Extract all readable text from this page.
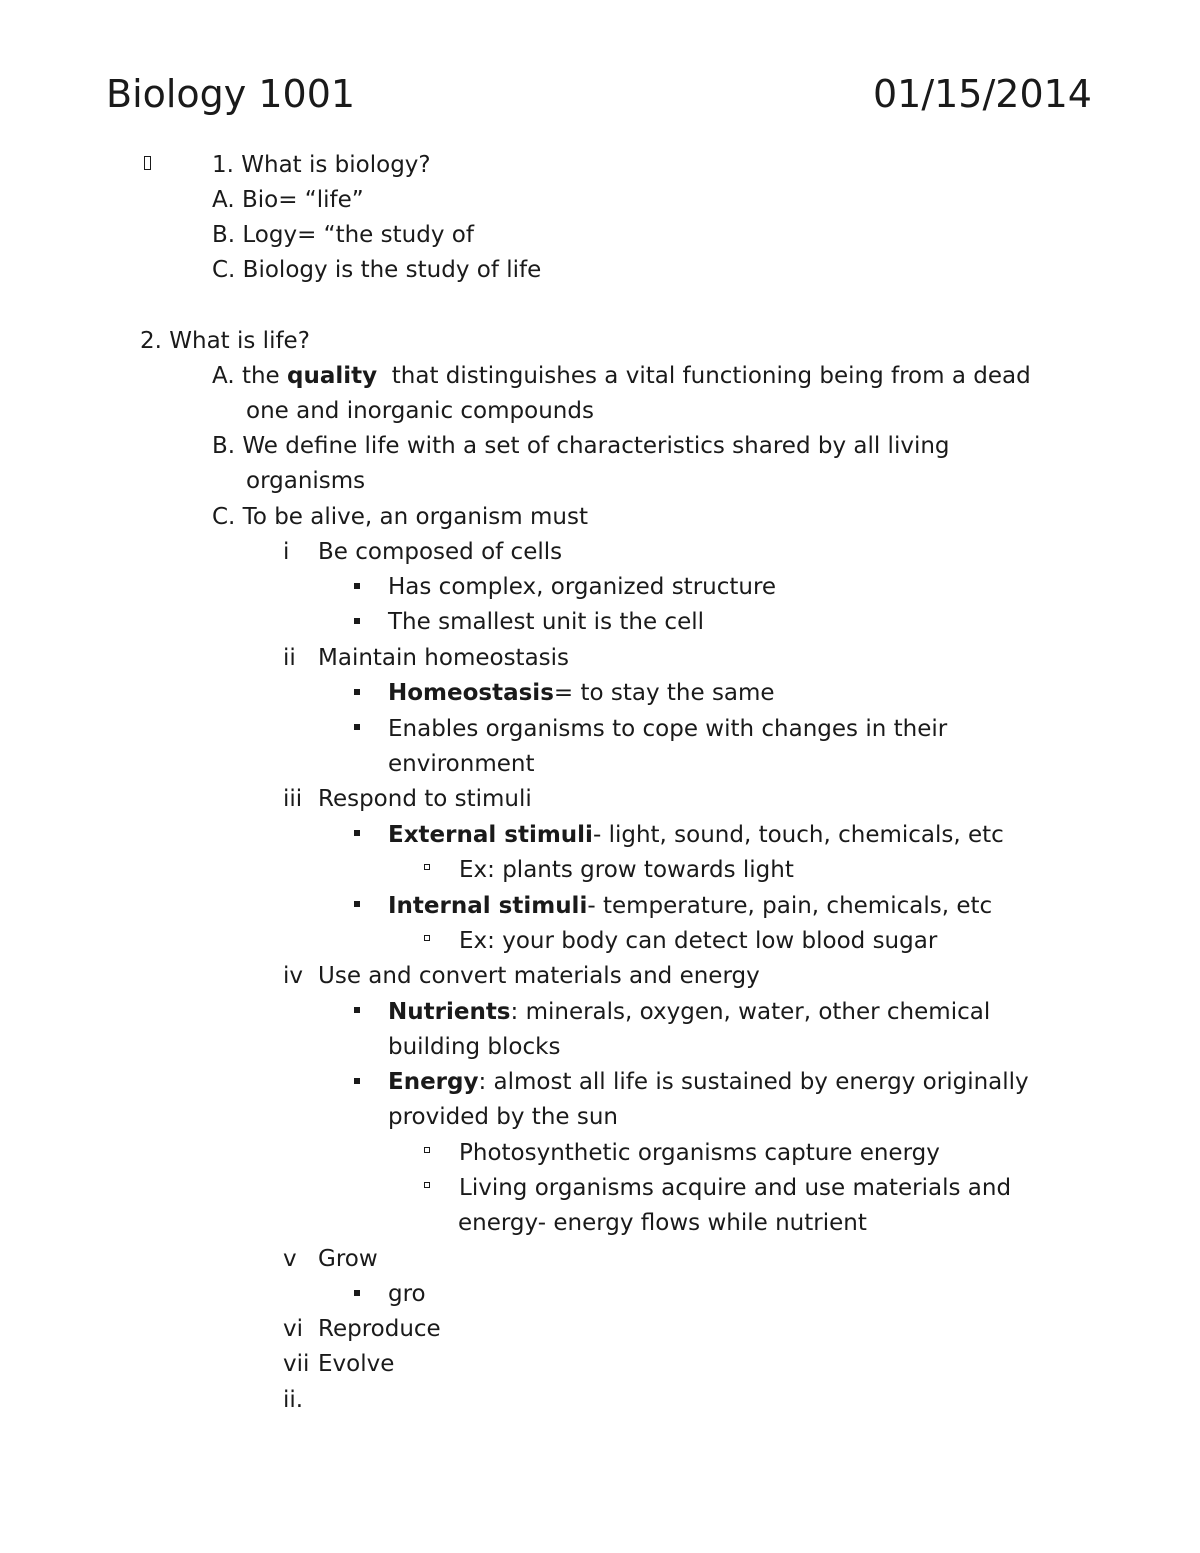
Biology 1001	01/15/2014
1. What is biology?
A. Bio= “life”
B. Logy= “the study of
C. Biology is the study of life
2. What is life?
A. the quality  that distinguishes a vital functioning being from a dead
one and inorganic compounds
B. We define life with a set of characteristics shared by all living
organisms
C. To be alive, an organism must
i Be composed of cells
Has complex, organized structure
The smallest unit is the cell
ii Maintain homeostasis
Homeostasis= to stay the same
Enables organisms to cope with changes in their
environment
iii Respond to stimuli
External stimuli- light, sound, touch, chemicals, etc
Ex: plants grow towards light
Internal stimuli- temperature, pain, chemicals, etc
Ex: your body can detect low blood sugar
iv Use and convert materials and energy
Nutrients: minerals, oxygen, water, other chemical
building blocks
Energy: almost all life is sustained by energy originally
provided by the sun
Photosynthetic organisms capture energy
Living organisms acquire and use materials and
energy- energy flows while nutrient
v Grow
gro
vi Reproduce
vii Evolve
ii.
